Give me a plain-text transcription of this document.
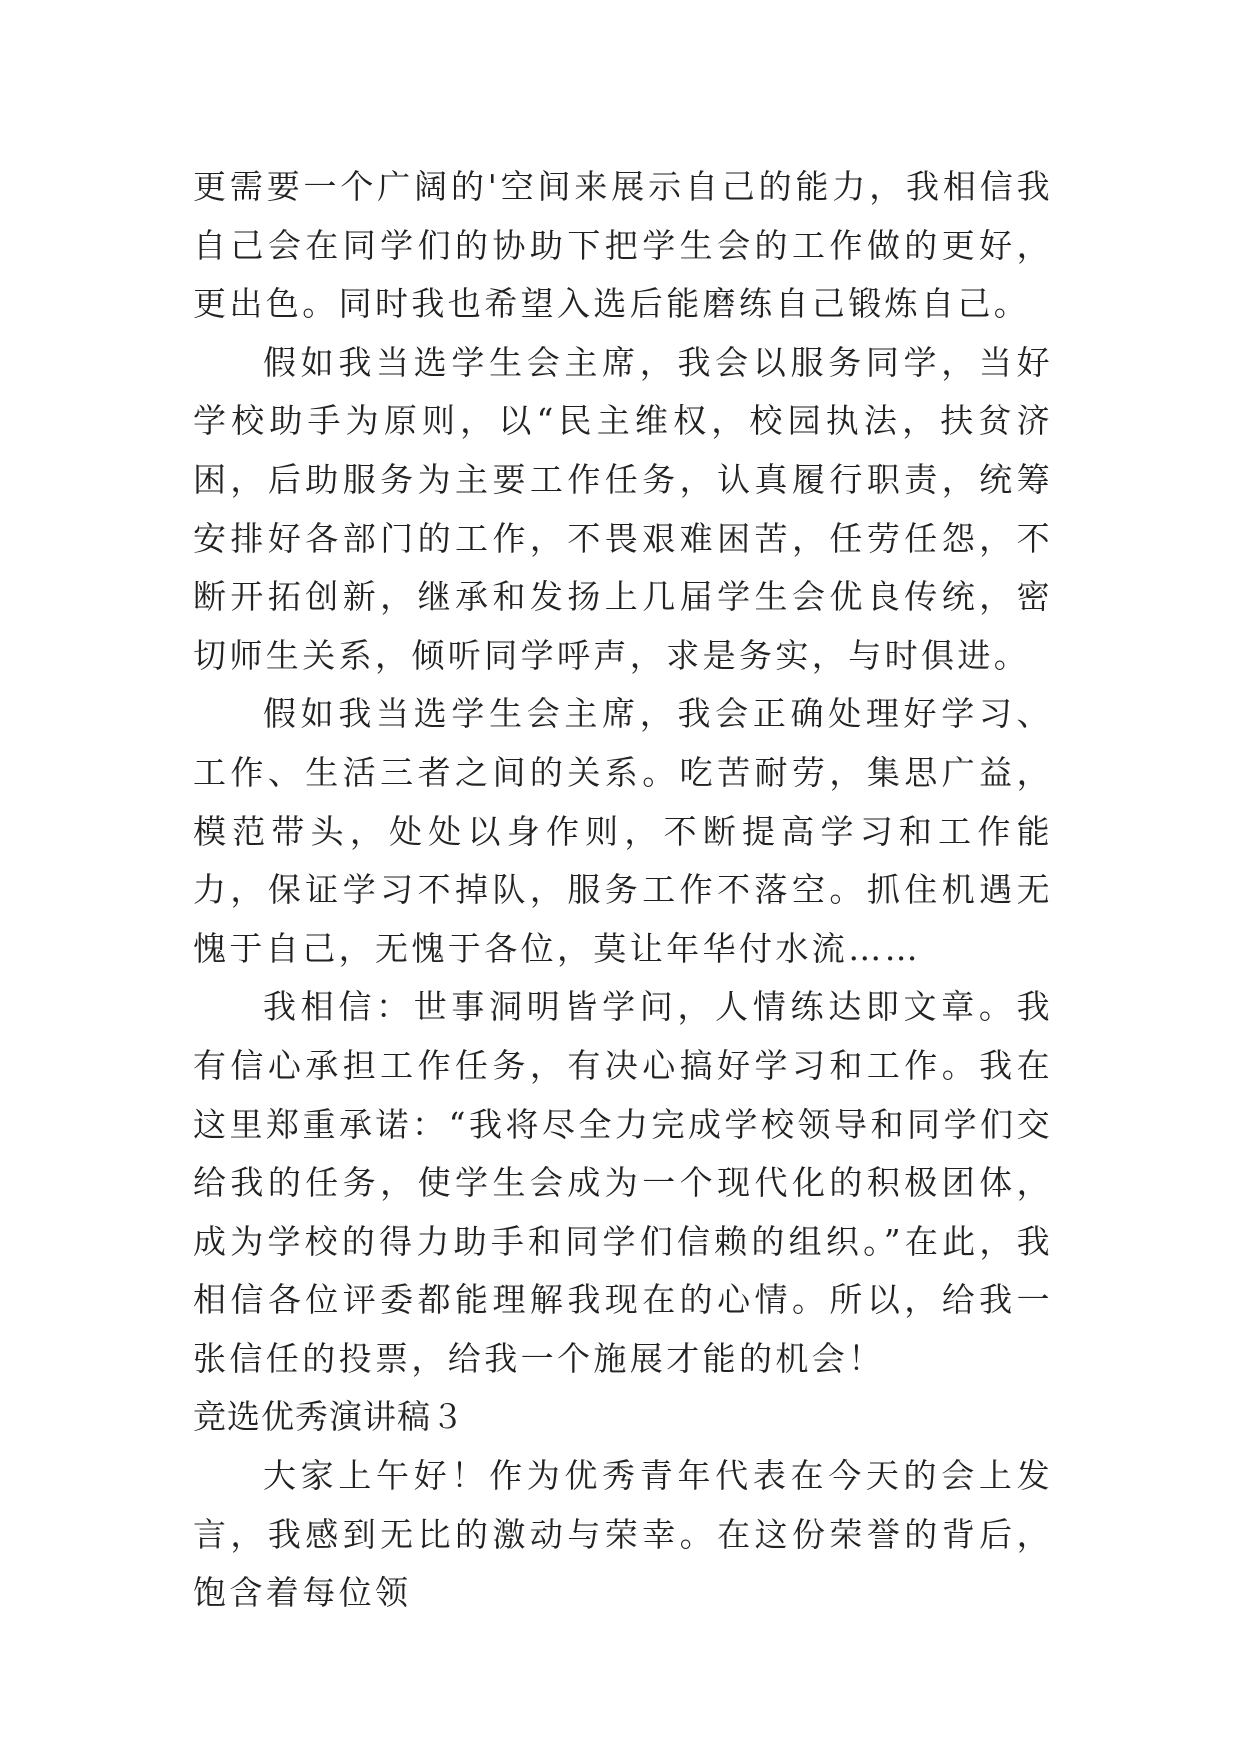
更需要一个广阔的'空间来展示自己的能力，我相信我自己会在同学们的协助下把学生会的工作做的更好，更出色。同时我也希望入选后能磨练自己锻炼自己。

假如我当选学生会主席，我会以服务同学，当好学校助手为原则，以“民主维权，校园执法，扶贫济困，后助服务为主要工作任务，认真履行职责，统筹安排好各部门的工作，不畏艰难困苦，任劳任怨，不断开拓创新，继承和发扬上几届学生会优良传统，密切师生关系，倾听同学呼声，求是务实，与时俱进。

假如我当选学生会主席，我会正确处理好学习、工作、生活三者之间的关系。吃苦耐劳，集思广益，模范带头，处处以身作则，不断提高学习和工作能力，保证学习不掉队，服务工作不落空。抓住机遇无愧于自己，无愧于各位，莫让年华付水流……

我相信：世事洞明皆学问，人情练达即文章。我有信心承担工作任务，有决心搞好学习和工作。我在这里郑重承诺：“我将尽全力完成学校领导和同学们交给我的任务，使学生会成为一个现代化的积极团体，成为学校的得力助手和同学们信赖的组织。”在此，我相信各位评委都能理解我现在的心情。所以，给我一张信任的投票，给我一个施展才能的机会！

竞选优秀演讲稿３

大家上午好！作为优秀青年代表在今天的会上发言，我感到无比的激动与荣幸。在这份荣誉的背后，饱含着每位领
